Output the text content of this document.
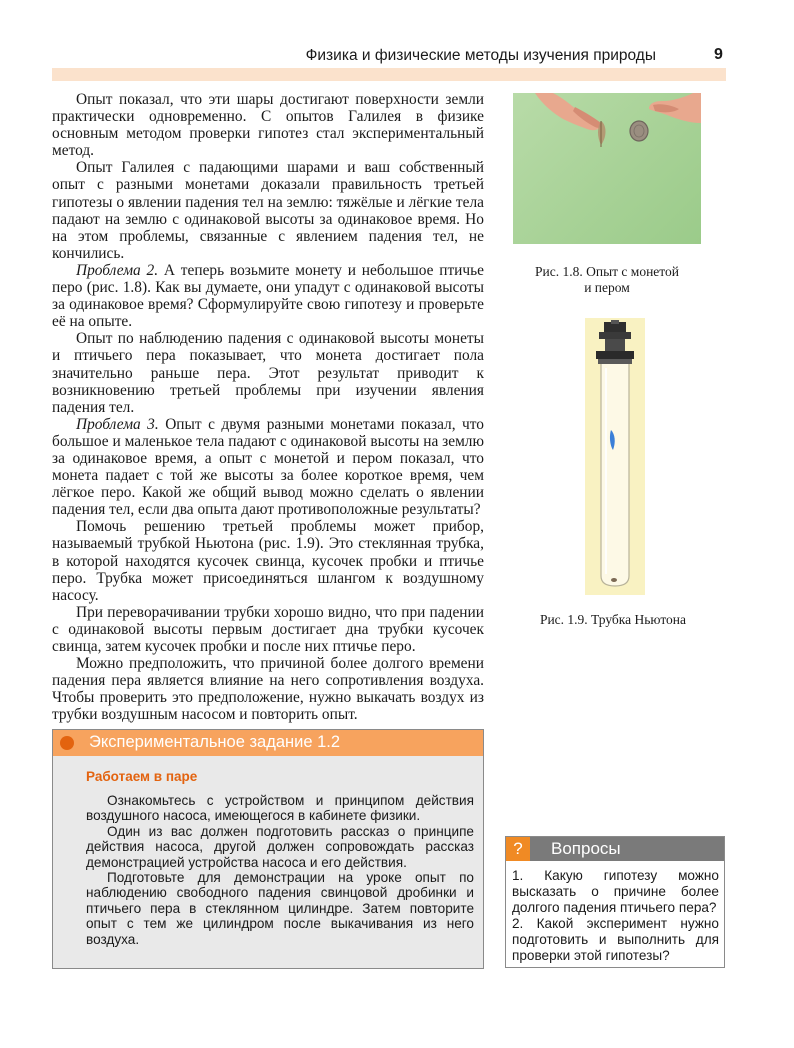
Физика и физические методы изучения природы	9

Опыт показал, что эти шары достигают поверхности земли практически одновременно. С опытов Галилея в физике основным методом проверки гипотез стал экспериментальный метод.

Опыт Галилея с падающими шарами и ваш собственный опыт с разными монетами доказали правильность третьей гипотезы о явлении падения тел на землю: тяжёлые и лёгкие тела падают на землю с одинаковой высоты за одинаковое время. Но на этом проблемы, связанные с явлением падения тел, не кончились.

Проблема 2. А теперь возьмите монету и небольшое птичье перо (рис. 1.8). Как вы думаете, они упадут с одинаковой высоты за одинаковое время? Сформулируйте свою гипотезу и проверьте её на опыте.

Опыт по наблюдению падения с одинаковой высоты монеты и птичьего пера показывает, что монета достигает пола значительно раньше пера. Этот результат приводит к возникновению третьей проблемы при изучении явления падения тел.

Проблема 3. Опыт с двумя разными монетами показал, что большое и маленькое тела падают с одинаковой высоты на землю за одинаковое время, а опыт с монетой и пером показал, что монета падает с той же высоты за более короткое время, чем лёгкое перо. Какой же общий вывод можно сделать о явлении падения тел, если два опыта дают противоположные результаты?

Помочь решению третьей проблемы может прибор, называемый трубкой Ньютона (рис. 1.9). Это стеклянная трубка, в которой находятся кусочек свинца, кусочек пробки и птичье перо. Трубка может присоединяться шлангом к воздушному насосу.

При переворачивании трубки хорошо видно, что при падении с одинаковой высоты первым достигает дна трубки кусочек свинца, затем кусочек пробки и после них птичье перо.

Можно предположить, что причиной более долгого времени падения пера является влияние на него сопротивления воздуха. Чтобы проверить это предположение, нужно выкачать воздух из трубки воздушным насосом и повторить опыт.

Рис. 1.8. Опыт с монетой
и пером
Рис. 1.9. Трубка Ньютона
Экспериментальное задание 1.2
Работаем в паре

Ознакомьтесь с устройством и принципом действия воздушного насоса, имеющегося в кабинете физики.

Один из вас должен подготовить рассказ о принципе действия насоса, другой должен сопровождать рассказ демонстрацией устройства насоса и его действия.

Подготовьте для демонстрации на уроке опыт по наблюдению свободного падения свинцовой дробинки и птичьего пера в стеклянном цилиндре. Затем повторите опыт с тем же цилиндром после выкачивания из него воздуха.

?	Вопросы

1. Какую гипотезу можно высказать о причине более долгого падения птичьего пера?

2. Какой эксперимент нужно подготовить и выполнить для проверки этой гипотезы?
